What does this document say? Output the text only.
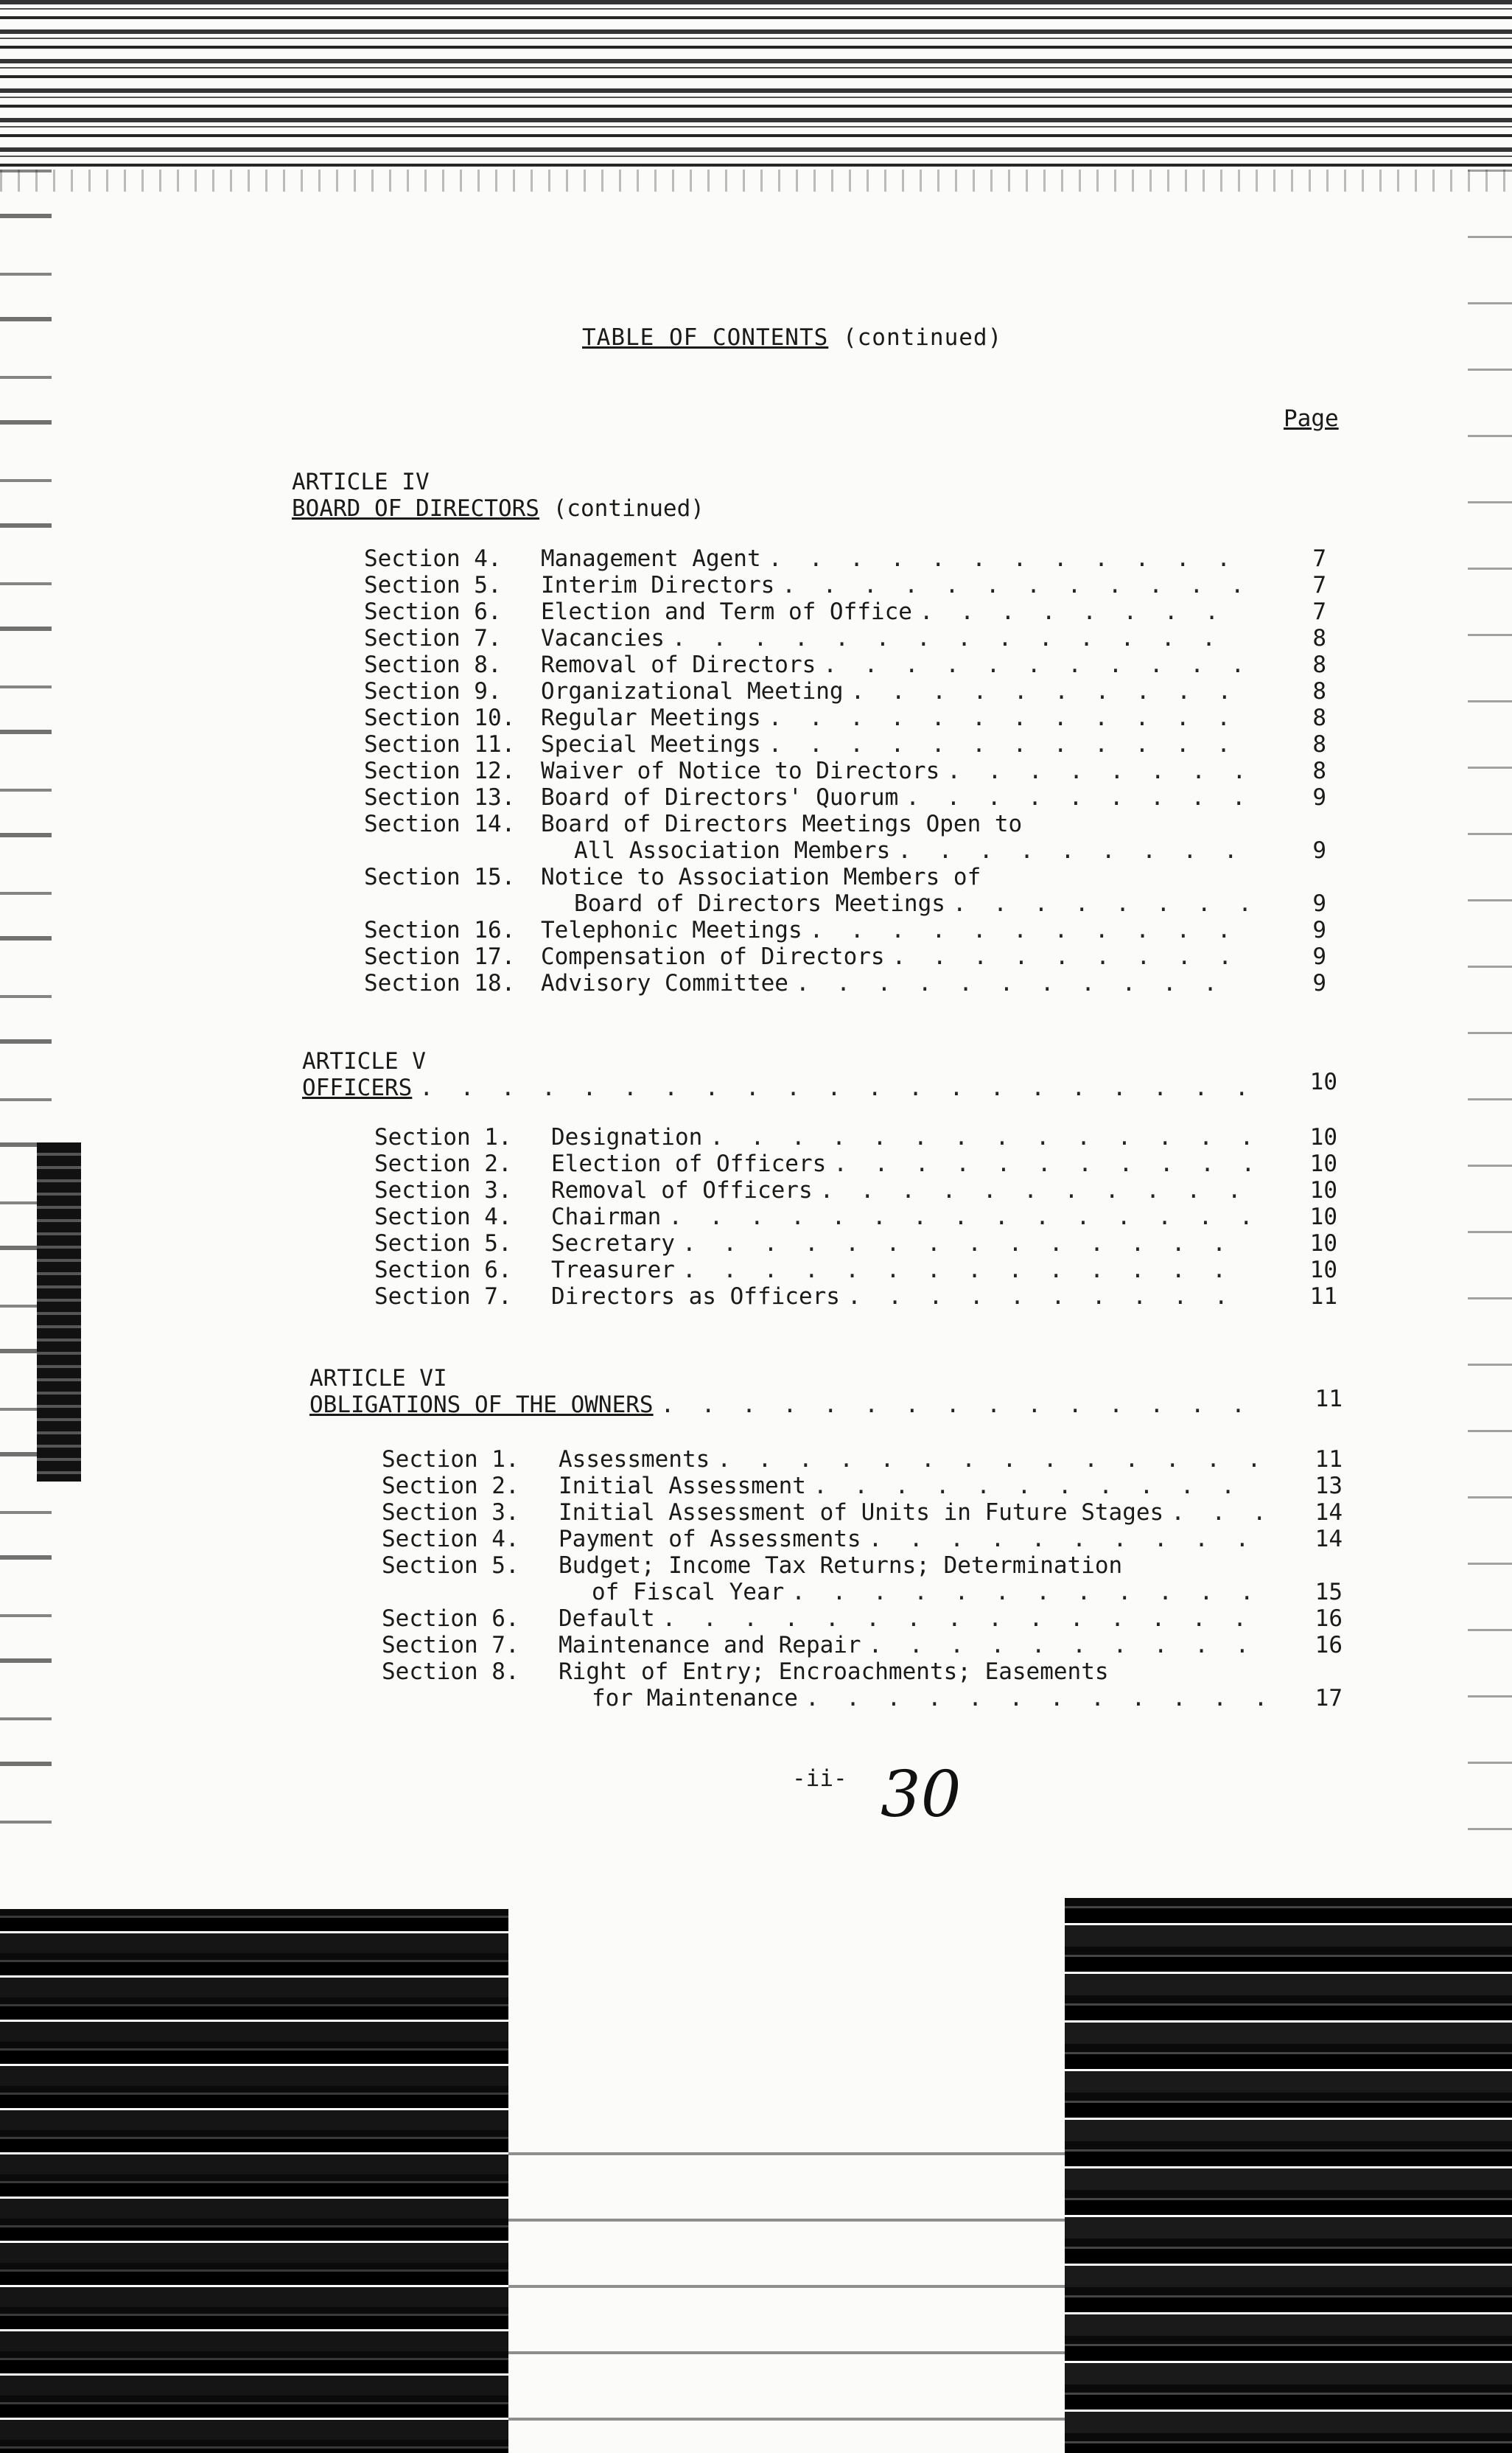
TABLE OF CONTENTS (continued)
Page
ARTICLE IV
BOARD OF DIRECTORS (continued)
Section 4.	Management Agent . . .	7
Section 5.	Interim Directors . . .	7
Section 6.	Election and Term of Office . . .	7
Section 7.	Vacancies . . .	8
Section 8.	Removal of Directors . . .	8
Section 9.	Organizational Meeting . . .	8
Section 10.	Regular Meetings . . .	8
Section 11.	Special Meetings . . .	8
Section 12.	Waiver of Notice to Directors . . .	8
Section 13.	Board of Directors' Quorum . . .	9
Section 14.	Board of Directors Meetings Open to
All Association Members . . .	9
Section 15.	Notice to Association Members of
Board of Directors Meetings . . .	9
Section 16.	Telephonic Meetings . . .	9
Section 17.	Compensation of Directors . . .	9
Section 18.	Advisory Committee . . .	9
ARTICLE V
OFFICERS . . .	10
Section 1.	Designation . . .	10
Section 2.	Election of Officers . . .	10
Section 3.	Removal of Officers . . .	10
Section 4.	Chairman . . .	10
Section 5.	Secretary . . .	10
Section 6.	Treasurer . . .	10
Section 7.	Directors as Officers . . .	11
ARTICLE VI
OBLIGATIONS OF THE OWNERS . . .	11
Section 1.	Assessments . . .	11
Section 2.	Initial Assessment . . .	13
Section 3.	Initial Assessment of Units in Future Stages . . .	14
Section 4.	Payment of Assessments . . .	14
Section 5.	Budget; Income Tax Returns; Determination
of Fiscal Year . . .	15
Section 6.	Default . . .	16
Section 7.	Maintenance and Repair . . .	16
Section 8.	Right of Entry; Encroachments; Easements
for Maintenance . . .	17
-ii- 30
